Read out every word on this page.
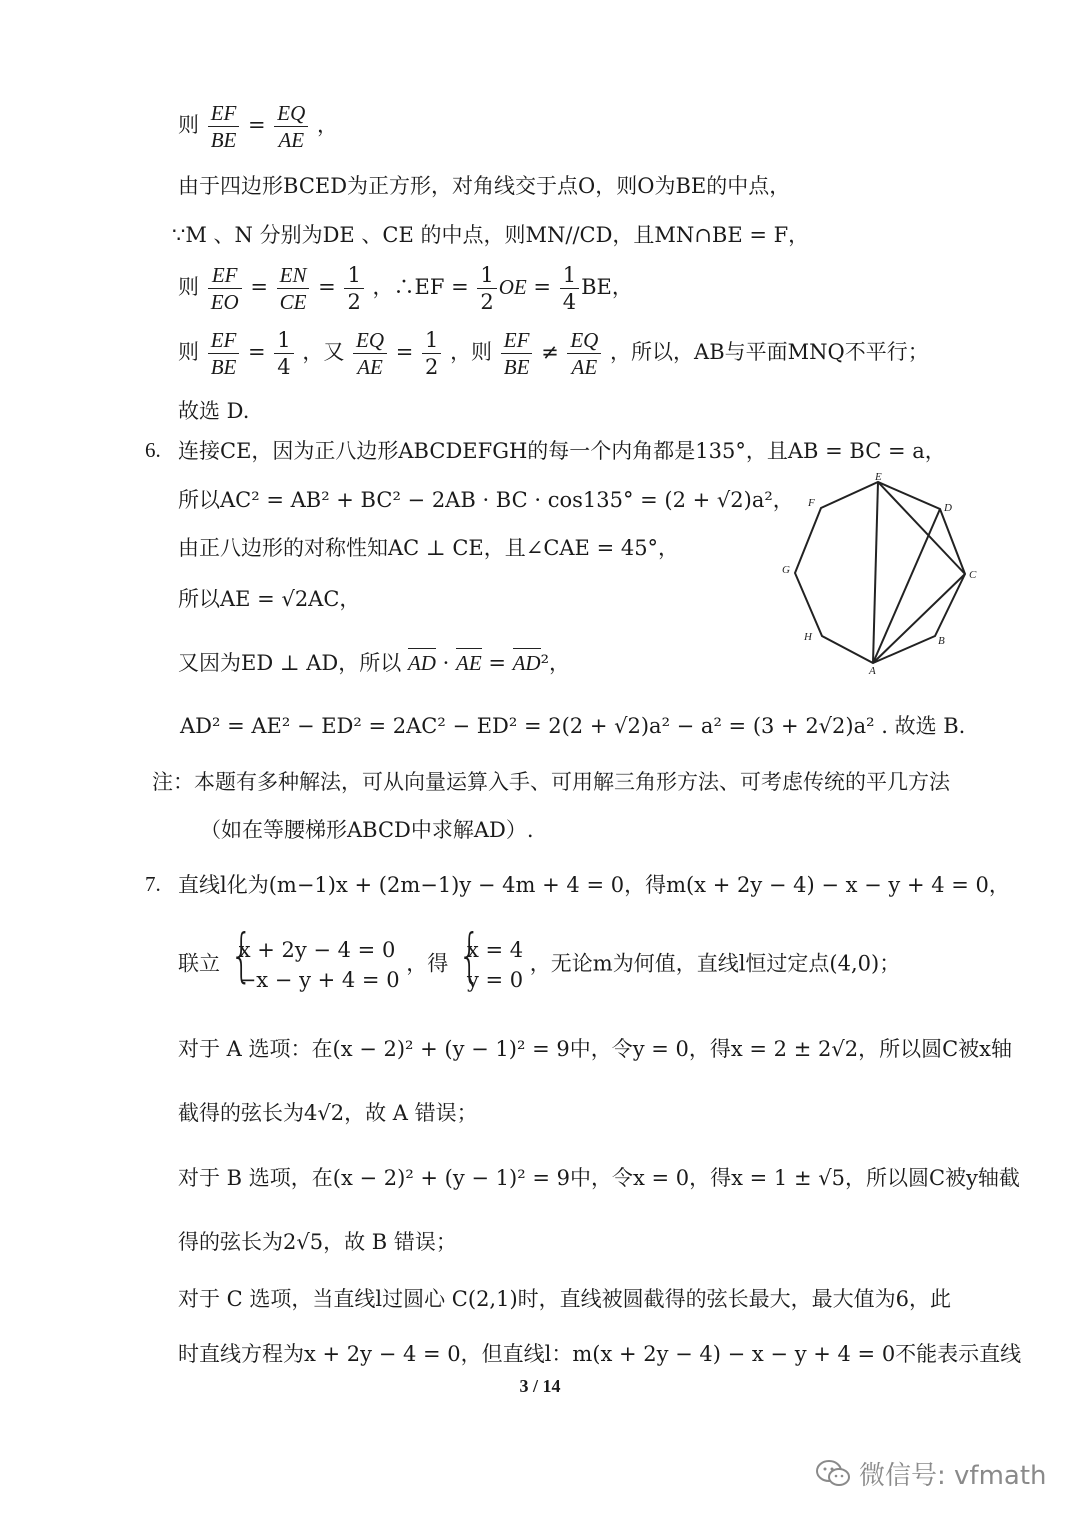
则 $\frac{EF}{BE} = \frac{EQ}{AE}$ ，
由于四边形BCED为正方形，对角线交于点O，则O为BE的中点，
∵M 、N 分别为DE 、CE 的中点，则MN//CD，且MN∩BE = F，
则 $\frac{EF}{EO} = \frac{EN}{CE} = \frac{1}{2}$ ，∴EF = $\frac{1}{2}$ OE = $\frac{1}{4}$ BE，
则 $\frac{EF}{BE} = \frac{1}{4}$ ，又 $\frac{EQ}{AE} = \frac{1}{2}$ ，则 $\frac{EF}{BE} \ne \frac{EQ}{AE}$ ，所以，AB与平面MNQ不平行；
故选 D.
6. 连接CE，因为正八边形ABCDEFGH的每一个内角都是135°，且AB = BC = a，
所以AC² = AB² + BC² − 2AB · BC · cos135° = (2 + √2)a²，
由正八边形的对称性知AC ⊥ CE，且∠CAE = 45°，
所以AE = √2AC，
又因为ED ⊥ AD，所以 AD · AE = AD²，
AD² = AE² − ED² = 2AC² − ED² = 2(2 + √2)a² − a² = (3 + 2√2)a² . 故选 B.
A
B
C
D
E
F
G
H
注：本题有多种解法，可从向量运算入手、可用解三角形方法、可考虑传统的平几方法
（如在等腰梯形ABCD中求解AD）.
7. 直线l化为(m−1)x + (2m−1)y − 4m + 4 = 0，得m(x + 2y − 4) − x − y + 4 = 0，
联立
{ x + 2y − 4 = 0
−x − y + 4 = 0
，得
{ x = 4
y = 0
，无论m为何值，直线l恒过定点(4,0)；
对于 A 选项：在(x − 2)² + (y − 1)² = 9中，令y = 0，得x = 2 ± 2√2，所以圆C被x轴
截得的弦长为4√2，故 A 错误；
对于 B 选项，在(x − 2)² + (y − 1)² = 9中，令x = 0，得x = 1 ± √5，所以圆C被y轴截
得的弦长为2√5，故 B 错误；
对于 C 选项，当直线l过圆心 C(2,1)时，直线被圆截得的弦长最大，最大值为6，此
时直线方程为x + 2y − 4 = 0，但直线l：m(x + 2y − 4) − x − y + 4 = 0不能表示直线
3 / 14
微信号: vfmath
